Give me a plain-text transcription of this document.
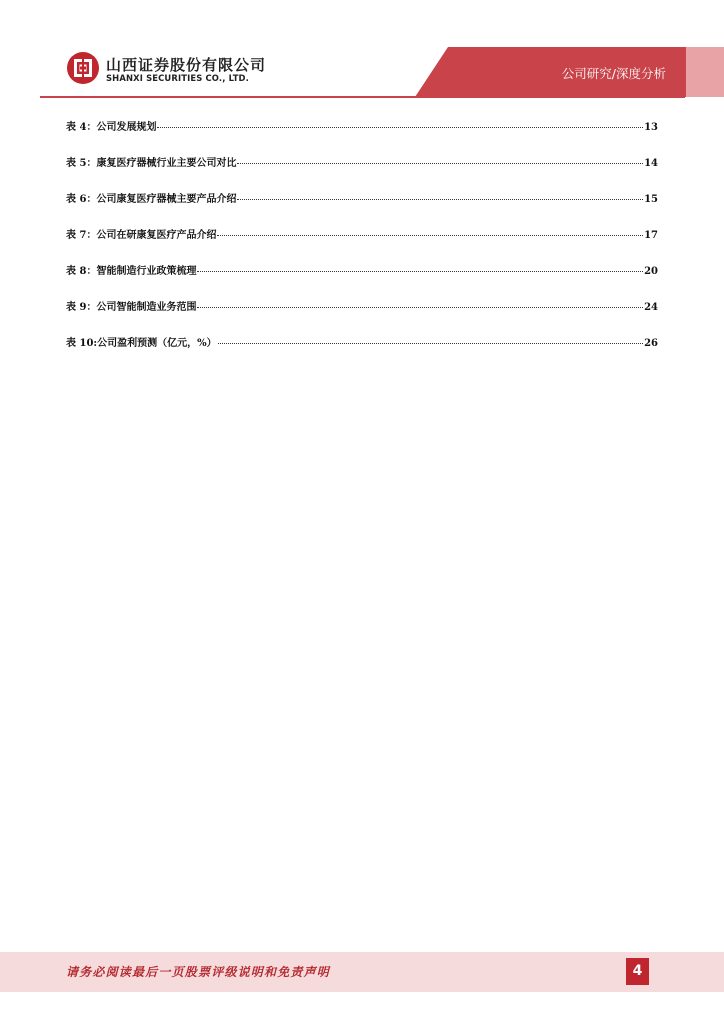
山西证券股份有限公司
SHANXI SECURITIES CO., LTD.	公司研究/深度分析
表 4：公司发展规划	13
表 5：康复医疗器械行业主要公司对比	14
表 6：公司康复医疗器械主要产品介绍	15
表 7：公司在研康复医疗产品介绍	17
表 8：智能制造行业政策梳理	20
表 9：公司智能制造业务范围	24
表 10:公司盈利预测（亿元，%）	26
请务必阅读最后一页股票评级说明和免责声明	4
